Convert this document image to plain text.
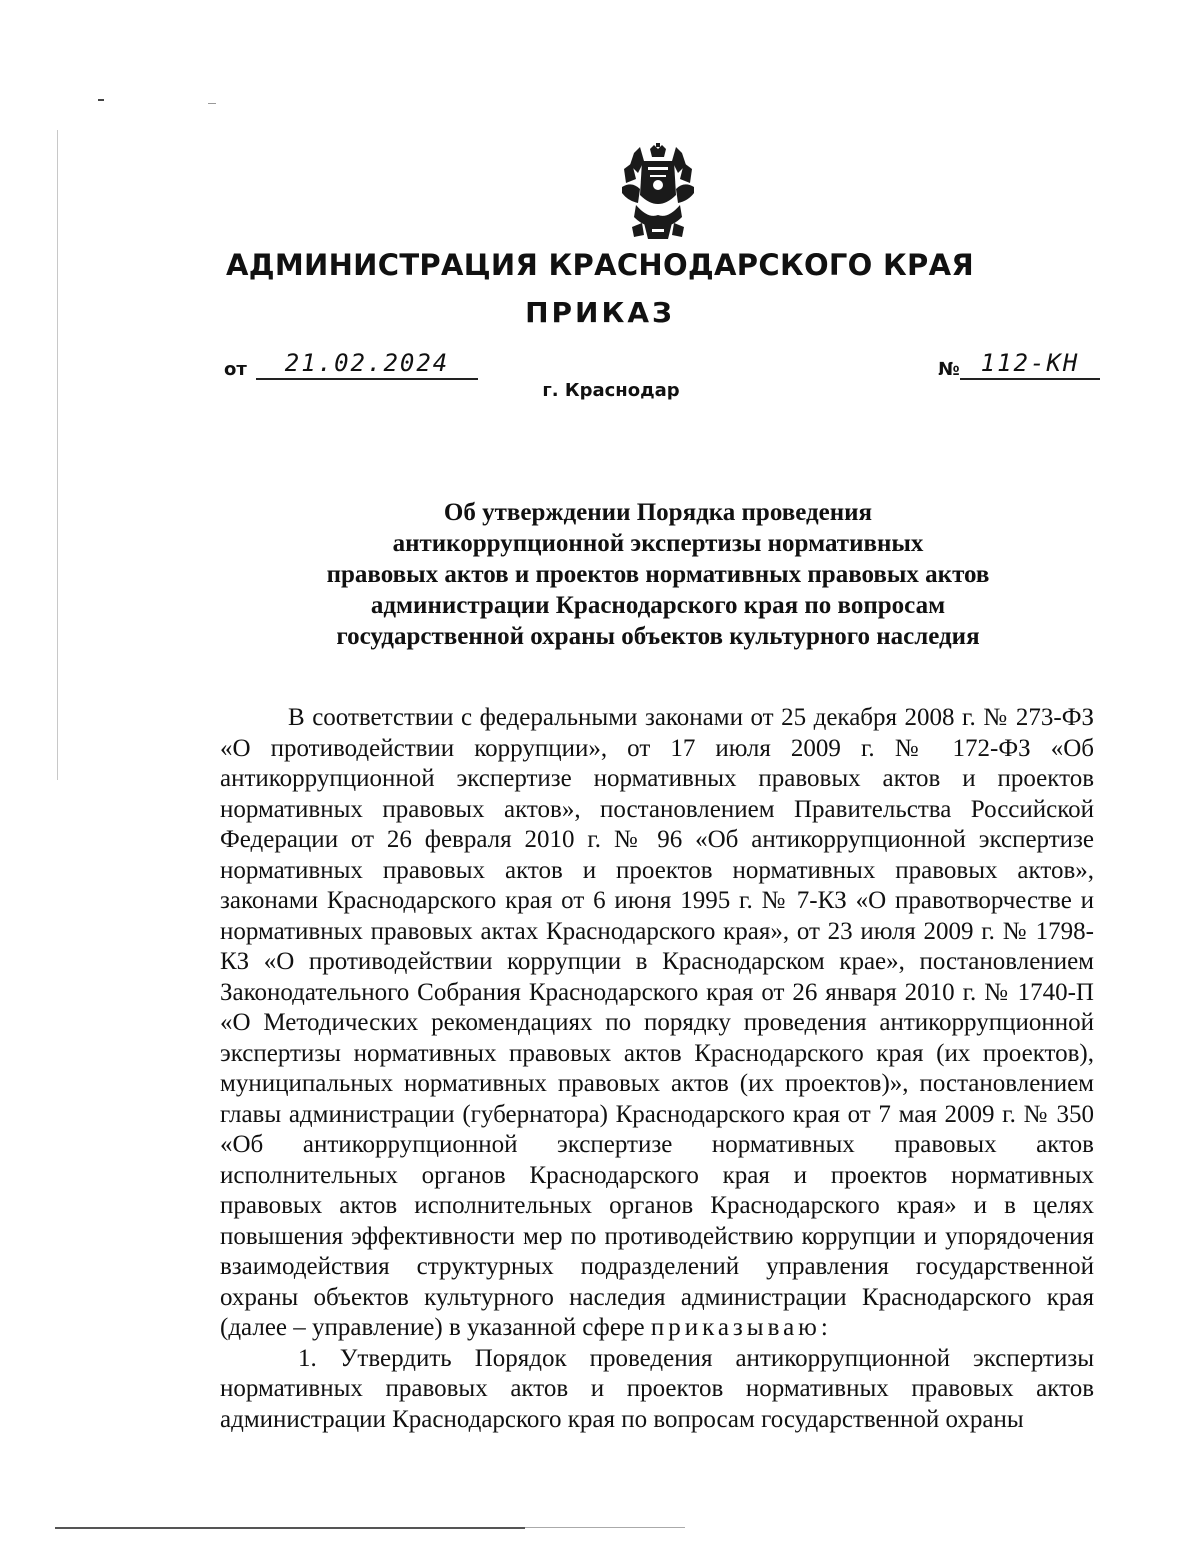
АДМИНИСТРАЦИЯ КРАСНОДАРСКОГО КРАЯ
ПРИКАЗ
от	21.02.2024	№ 112-КН
г. Краснодар
Об утверждении Порядка проведения
антикоррупционной экспертизы нормативных
правовых актов и проектов нормативных правовых актов
администрации Краснодарского края по вопросам
государственной охраны объектов культурного наследия

В соответствии с федеральными законами от 25 декабря 2008 г. № 273-ФЗ «О противодействии коррупции», от 17 июля 2009 г. № 172-ФЗ «Об антикоррупционной экспертизе нормативных правовых актов и проектов нормативных правовых актов», постановлением Правительства Российской Федерации от 26 февраля 2010 г. № 96 «Об антикоррупционной экспертизе нормативных правовых актов и проектов нормативных правовых актов», законами Краснодарского края от 6 июня 1995 г. № 7-КЗ «О правотворчестве и нормативных правовых актах Краснодарского края», от 23 июля 2009 г. № 1798-КЗ «О противодействии коррупции в Краснодарском крае», постановлением Законодательного Собрания Краснодарского края от 26 января 2010 г. № 1740-П «О Методических рекомендациях по порядку проведения антикоррупционной экспертизы нормативных правовых актов Краснодарского края (их проектов), муниципальных нормативных правовых актов (их проектов)», постановлением главы администрации (губернатора) Краснодарского края от 7 мая 2009 г. № 350 «Об антикоррупционной экспертизе нормативных правовых актов исполнительных органов Краснодарского края и проектов нормативных правовых актов исполнительных органов Краснодарского края» и в целях повышения эффективности мер по противодействию коррупции и упорядочения взаимодействия структурных подразделений управления государственной охраны объектов культурного наследия администрации Краснодарского края (далее – управление) в указанной сфере приказываю:

1. Утвердить Порядок проведения антикоррупционной экспертизы нормативных правовых актов и проектов нормативных правовых актов администрации Краснодарского края по вопросам государственной охраны
